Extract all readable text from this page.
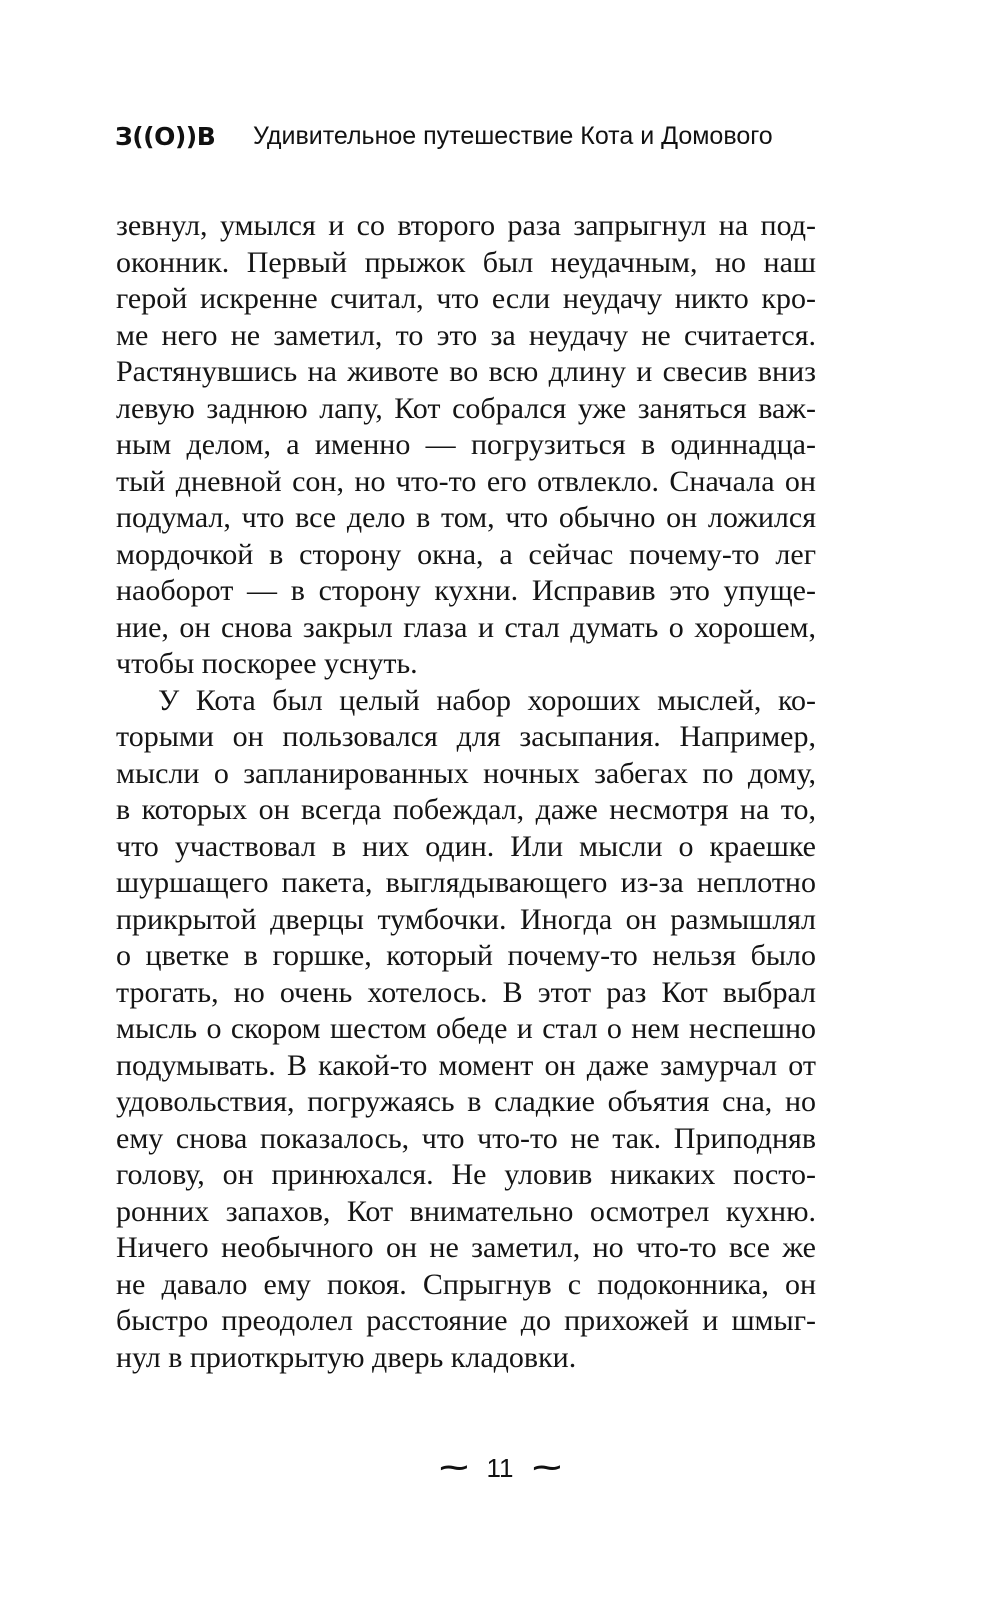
З((О))В	Удивительное путешествие Кота и Домового
зевнул, умылся и со второго раза запрыгнул на под-
оконник. Первый прыжок был неудачным, но наш
герой искренне считал, что если неудачу никто кро-
ме него не заметил, то это за неудачу не считается.
Растянувшись на животе во всю длину и свесив вниз
левую заднюю лапу, Кот собрался уже заняться важ-
ным делом, а именно — погрузиться в одиннадца-
тый дневной сон, но что-то его отвлекло. Сначала он
подумал, что все дело в том, что обычно он ложился
мордочкой в сторону окна, а сейчас почему-то лег
наоборот — в сторону кухни. Исправив это упуще-
ние, он снова закрыл глаза и стал думать о хорошем,
чтобы поскорее уснуть.
У Кота был целый набор хороших мыслей, ко-
торыми он пользовался для засыпания. Например,
мысли о запланированных ночных забегах по дому,
в которых он всегда побеждал, даже несмотря на то,
что участвовал в них один. Или мысли о краешке
шуршащего пакета, выглядывающего из-за неплотно
прикрытой дверцы тумбочки. Иногда он размышлял
о цветке в горшке, который почему-то нельзя было
трогать, но очень хотелось. В этот раз Кот выбрал
мысль о скором шестом обеде и стал о нем неспешно
подумывать. В какой-то момент он даже замурчал от
удовольствия, погружаясь в сладкие объятия сна, но
ему снова показалось, что что-то не так. Приподняв
голову, он принюхался. Не уловив никаких посто-
ронних запахов, Кот внимательно осмотрел кухню.
Ничего необычного он не заметил, но что-то все же
не давало ему покоя. Спрыгнув с подоконника, он
быстро преодолел расстояние до прихожей и шмыг-
нул в приоткрытую дверь кладовки.
~ 11 ~
